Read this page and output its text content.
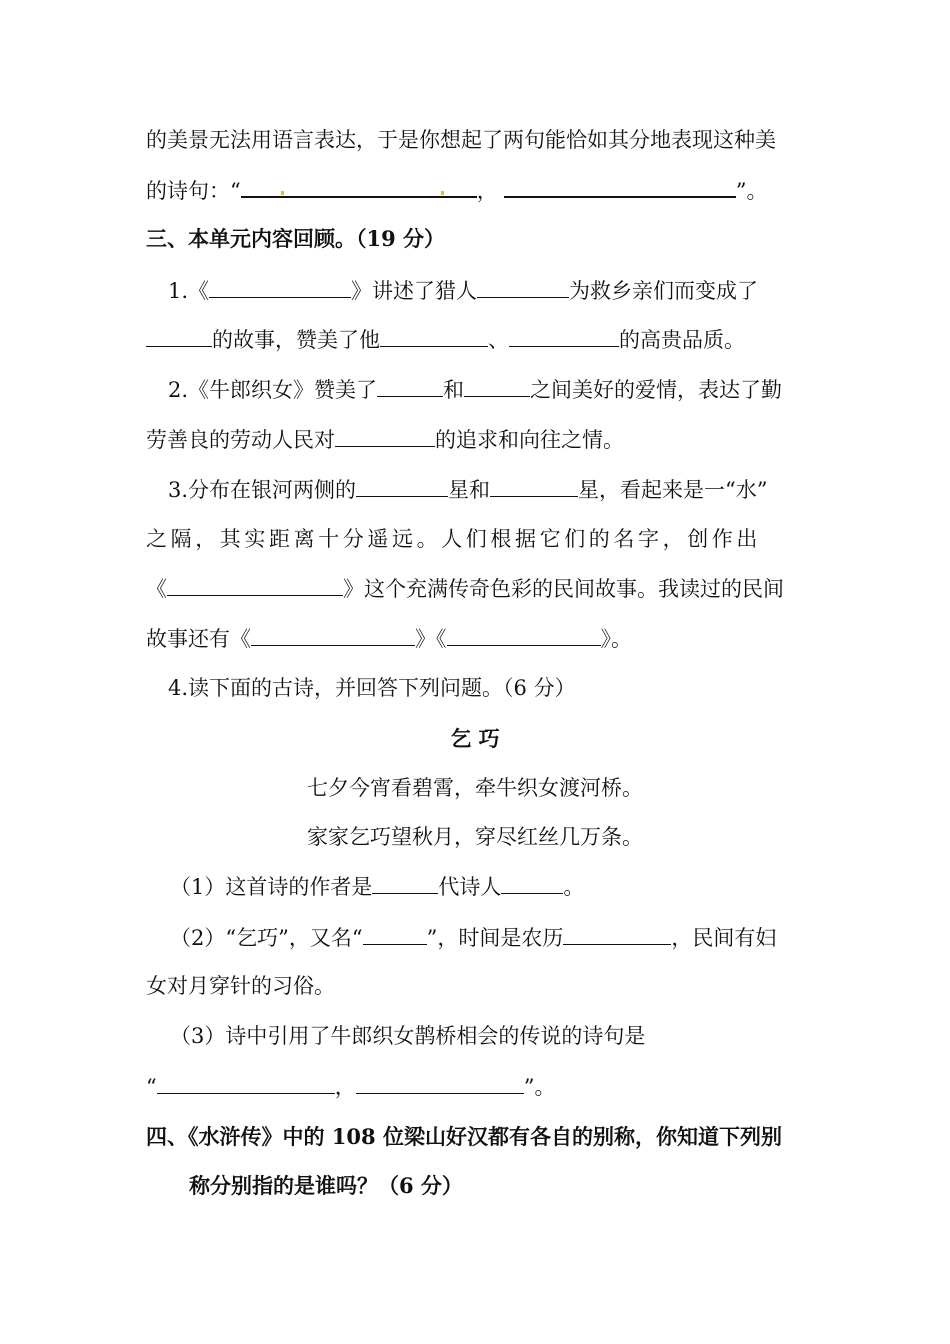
的美景无法用语言表达，于是你想起了两句能恰如其分地表现这种美
的诗句：“	，	”。
三、本单元内容回顾。（19 分）
1.《	》讲述了猎人	为救乡亲们而变成了
的故事，赞美了他	、	的高贵品质。
2.《牛郎织女》赞美了	和	之间美好的爱情，表达了勤
劳善良的劳动人民对	的追求和向往之情。
3.分布在银河两侧的	星和	星，看起来是一“水”
之隔，其实距离十分遥远。人们根据它们的名字，创作出
《	》这个充满传奇色彩的民间故事。我读过的民间
故事还有《	》《	》。
4.读下面的古诗，并回答下列问题。（6 分）
乞 巧
七夕今宵看碧霄，牵牛织女渡河桥。
家家乞巧望秋月，穿尽红丝几万条。
（1）这首诗的作者是	代诗人	。
（2）“乞巧”，又名“	”，时间是农历	，民间有妇
女对月穿针的习俗。
（3）诗中引用了牛郎织女鹊桥相会的传说的诗句是
“	，	”。
四、《水浒传》中的 108 位梁山好汉都有各自的别称，你知道下列别
称分别指的是谁吗？（6 分）
